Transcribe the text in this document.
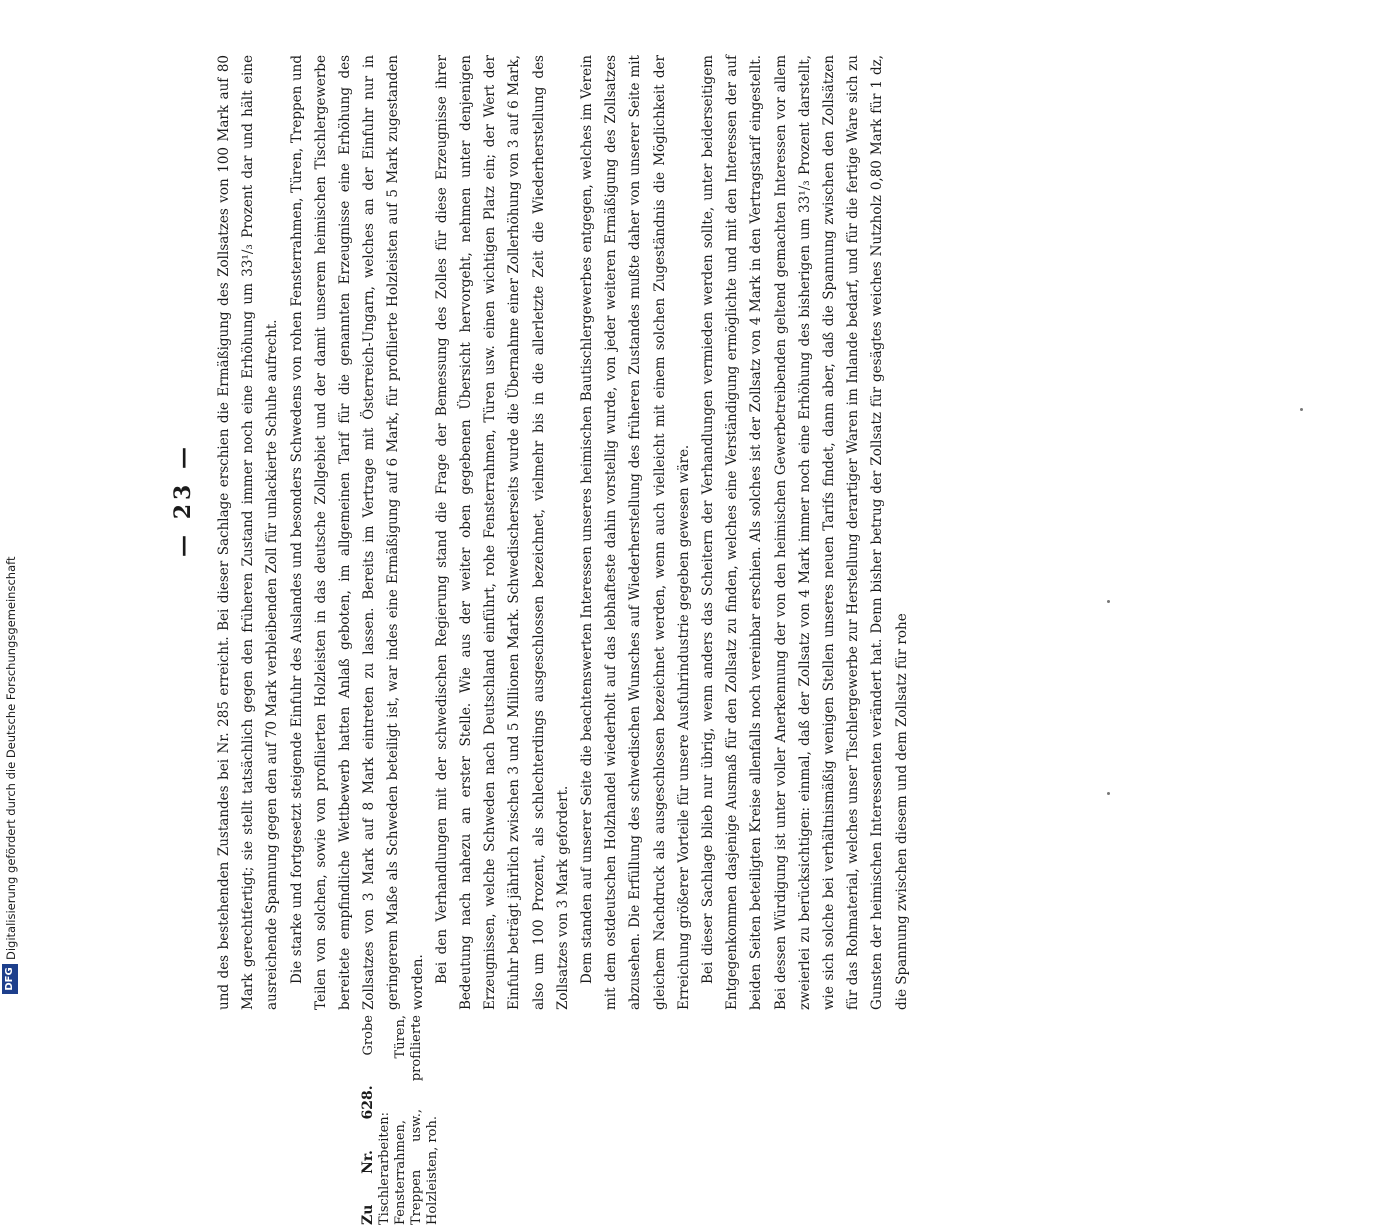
— 23 —
Zu Nr. 628. Grobe Tischlerarbeiten: Fensterrahmen, Türen, Treppen usw., profilierte Holzleisten, roh.

und des bestehenden Zustandes bei Nr. 285 erreicht. Bei dieser Sachlage erschien die Ermäßigung des Zollsatzes von 100 Mark auf 80 Mark gerechtfertigt; sie stellt tatsächlich gegen den früheren Zustand immer noch eine Erhöhung um 33¹/₃ Prozent dar und hält eine ausreichende Spannung gegen den auf 70 Mark verbleibenden Zoll für unlackierte Schuhe aufrecht. Die starke und fortgesetzt steigende Einfuhr des Auslandes und besonders Schwedens von rohen Fensterrahmen, Türen, Treppen und Teilen von solchen, sowie von profilierten Holzleisten in das deutsche Zollgebiet und der damit unserem heimischen Tischlergewerbe bereitete empfindliche Wettbewerb hatten Anlaß geboten, im allgemeinen Tarif für die genannten Erzeugnisse eine Erhöhung des Zollsatzes von 3 Mark auf 8 Mark eintreten zu lassen. Bereits im Vertrage mit Österreich-Ungarn, welches an der Einfuhr nur in geringerem Maße als Schweden beteiligt ist, war indes eine Ermäßigung auf 6 Mark, für profilierte Holzleisten auf 5 Mark zugestanden worden. Bei den Verhandlungen mit der schwedischen Regierung stand die Frage der Bemessung des Zolles für diese Erzeugnisse ihrer Bedeutung nach nahezu an erster Stelle. Wie aus der weiter oben gegebenen Übersicht hervorgeht, nehmen unter denjenigen Erzeugnissen, welche Schweden nach Deutschland einführt, rohe Fensterrahmen, Türen usw. einen wichtigen Platz ein; der Wert der Einfuhr beträgt jährlich zwischen 3 und 5 Millionen Mark. Schwedischerseits wurde die Übernahme einer Zollerhöhung von 3 auf 6 Mark, also um 100 Prozent, als schlechterdings ausgeschlossen bezeichnet, vielmehr bis in die allerletzte Zeit die Wiederherstellung des Zollsatzes von 3 Mark gefordert. Dem standen auf unserer Seite die beachtenswerten Interessen unseres heimischen Bautischlergewerbes entgegen, welches im Verein mit dem ostdeutschen Holzhandel wiederholt auf das lebhafteste dahin vorstellig wurde, von jeder weiteren Ermäßigung des Zollsatzes abzusehen. Die Erfüllung des schwedischen Wunsches auf Wiederherstellung des früheren Zustandes mußte daher von unserer Seite mit gleichem Nachdruck als ausgeschlossen bezeichnet werden, wenn auch vielleicht mit einem solchen Zugeständnis die Möglichkeit der Erreichung größerer Vorteile für unsere Ausfuhrindustrie gegeben gewesen wäre. Bei dieser Sachlage blieb nur übrig, wenn anders das Scheitern der Verhandlungen vermieden werden sollte, unter beiderseitigem Entgegenkommen dasjenige Ausmaß für den Zollsatz zu finden, welches eine Verständigung ermöglichte und mit den Interessen der auf beiden Seiten beteiligten Kreise allenfalls noch vereinbar erschien. Als solches ist der Zollsatz von 4 Mark in den Vertragstarif eingestellt. Bei dessen Würdigung ist unter voller Anerkennung der von den heimischen Gewerbetreibenden geltend gemachten Interessen vor allem zweierlei zu berücksichtigen: einmal, daß der Zollsatz von 4 Mark immer noch eine Erhöhung des bisherigen um 33¹/₃ Prozent darstellt, wie sich solche bei verhältnismäßig wenigen Stellen unseres neuen Tarifs findet, dann aber, daß die Spannung zwischen den Zollsätzen für das Rohmaterial, welches unser Tischlergewerbe zur Herstellung derartiger Waren im Inlande bedarf, und für die fertige Ware sich zu Gunsten der heimischen Interessenten verändert hat. Denn bisher betrug der Zollsatz für gesägtes weiches Nutzholz 0,80 Mark für 1 dz, die Spannung zwischen diesem und dem Zollsatz für rohe

DFG
Digitalisierung gefördert durch die Deutsche Forschungsgemeinschaft
